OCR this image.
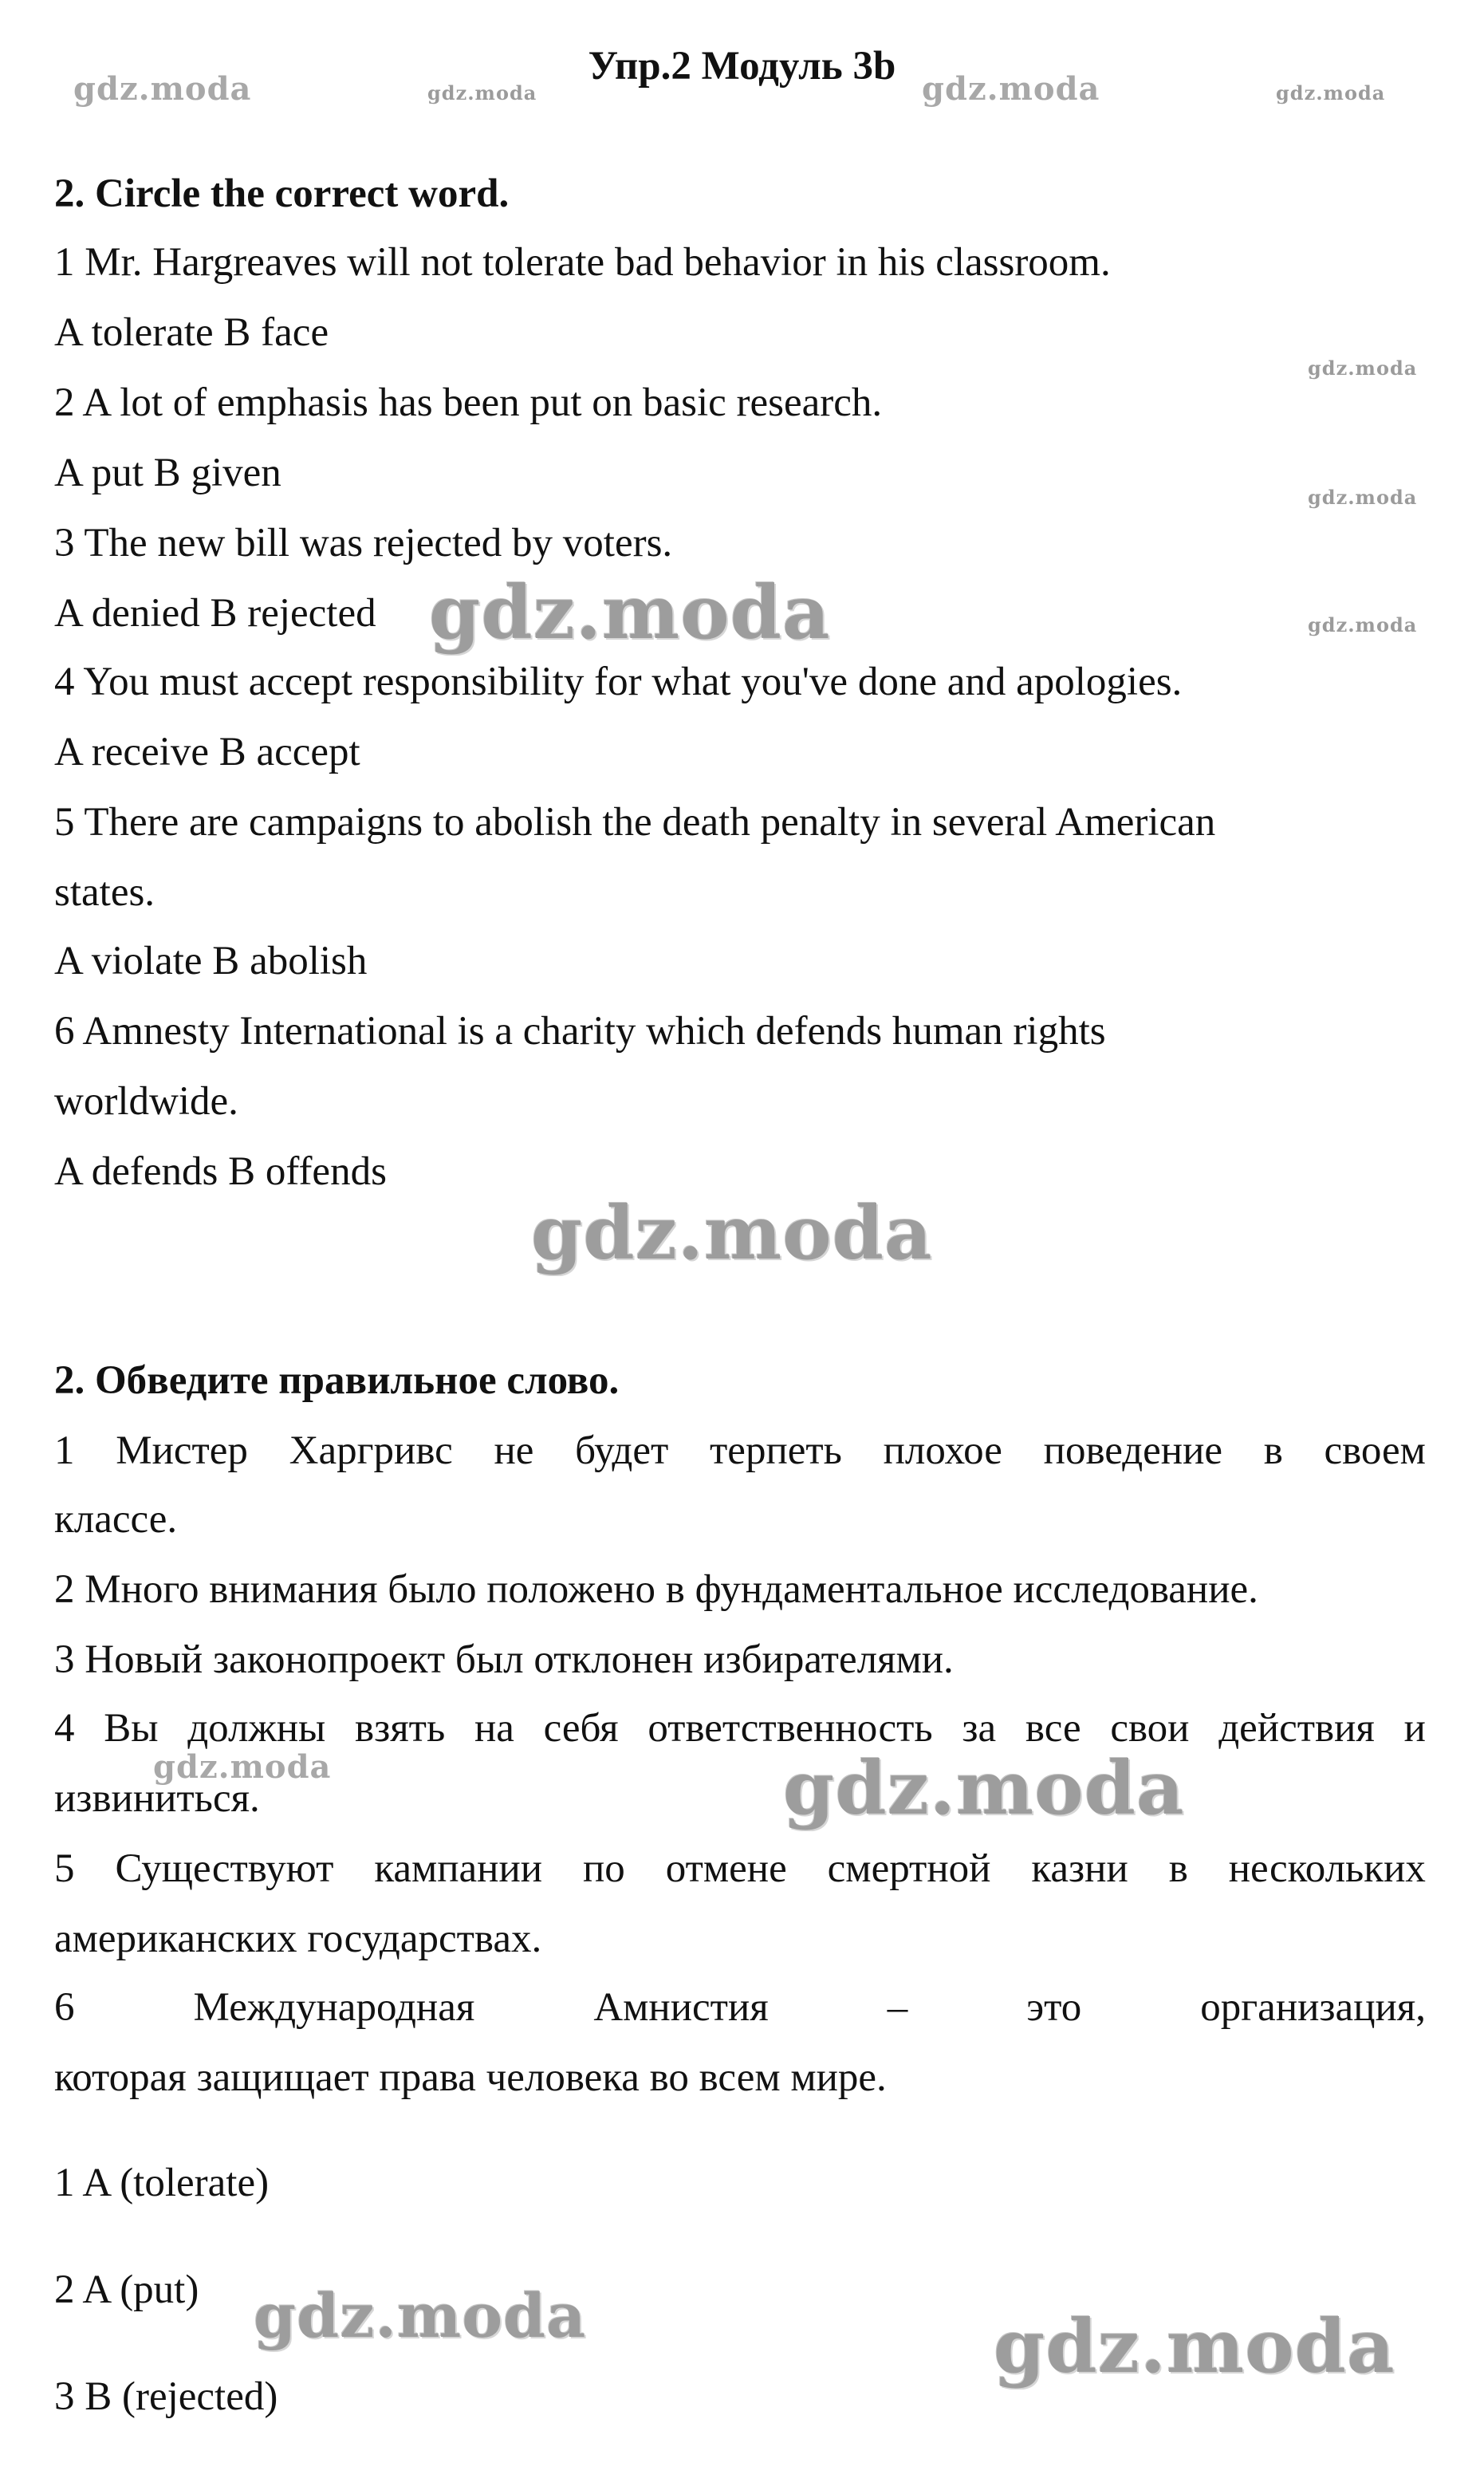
Упр.2 Модуль 3b
gdz.moda	gdz.moda	gdz.moda	gdz.moda
gdz.moda
gdz.moda
gdz.moda
gdz.moda
gdz.moda
gdz.moda	gdz.moda
gdz.moda	gdz.moda
2. Circle the correct word.
1 Mr. Hargreaves will not tolerate bad behavior in his classroom.
A tolerate B face
2 A lot of emphasis has been put on basic research.
A put B given
3 The new bill was rejected by voters.
A denied B rejected
4 You must accept responsibility for what you've done and apologies.
A receive B accept
5 There are campaigns to abolish the death penalty in several American
states.
A violate B abolish
6 Amnesty International is a charity which defends human rights
worldwide.
A defends B offends
2. Обведите правильное слово.
1 Мистер Харгривс не будет терпеть плохое поведение в своем
классе.
2 Много внимания было положено в фундаментальное исследование.
3 Новый законопроект был отклонен избирателями.
4 Вы должны взять на себя ответственность за все свои действия и
извиниться.
5 Существуют кампании по отмене смертной казни в нескольких
американских государствах.
6	Международная	Амнистия	–	это	организация,
которая защищает права человека во всем мире.
1 A (tolerate)
2 A (put)
3 B (rejected)
